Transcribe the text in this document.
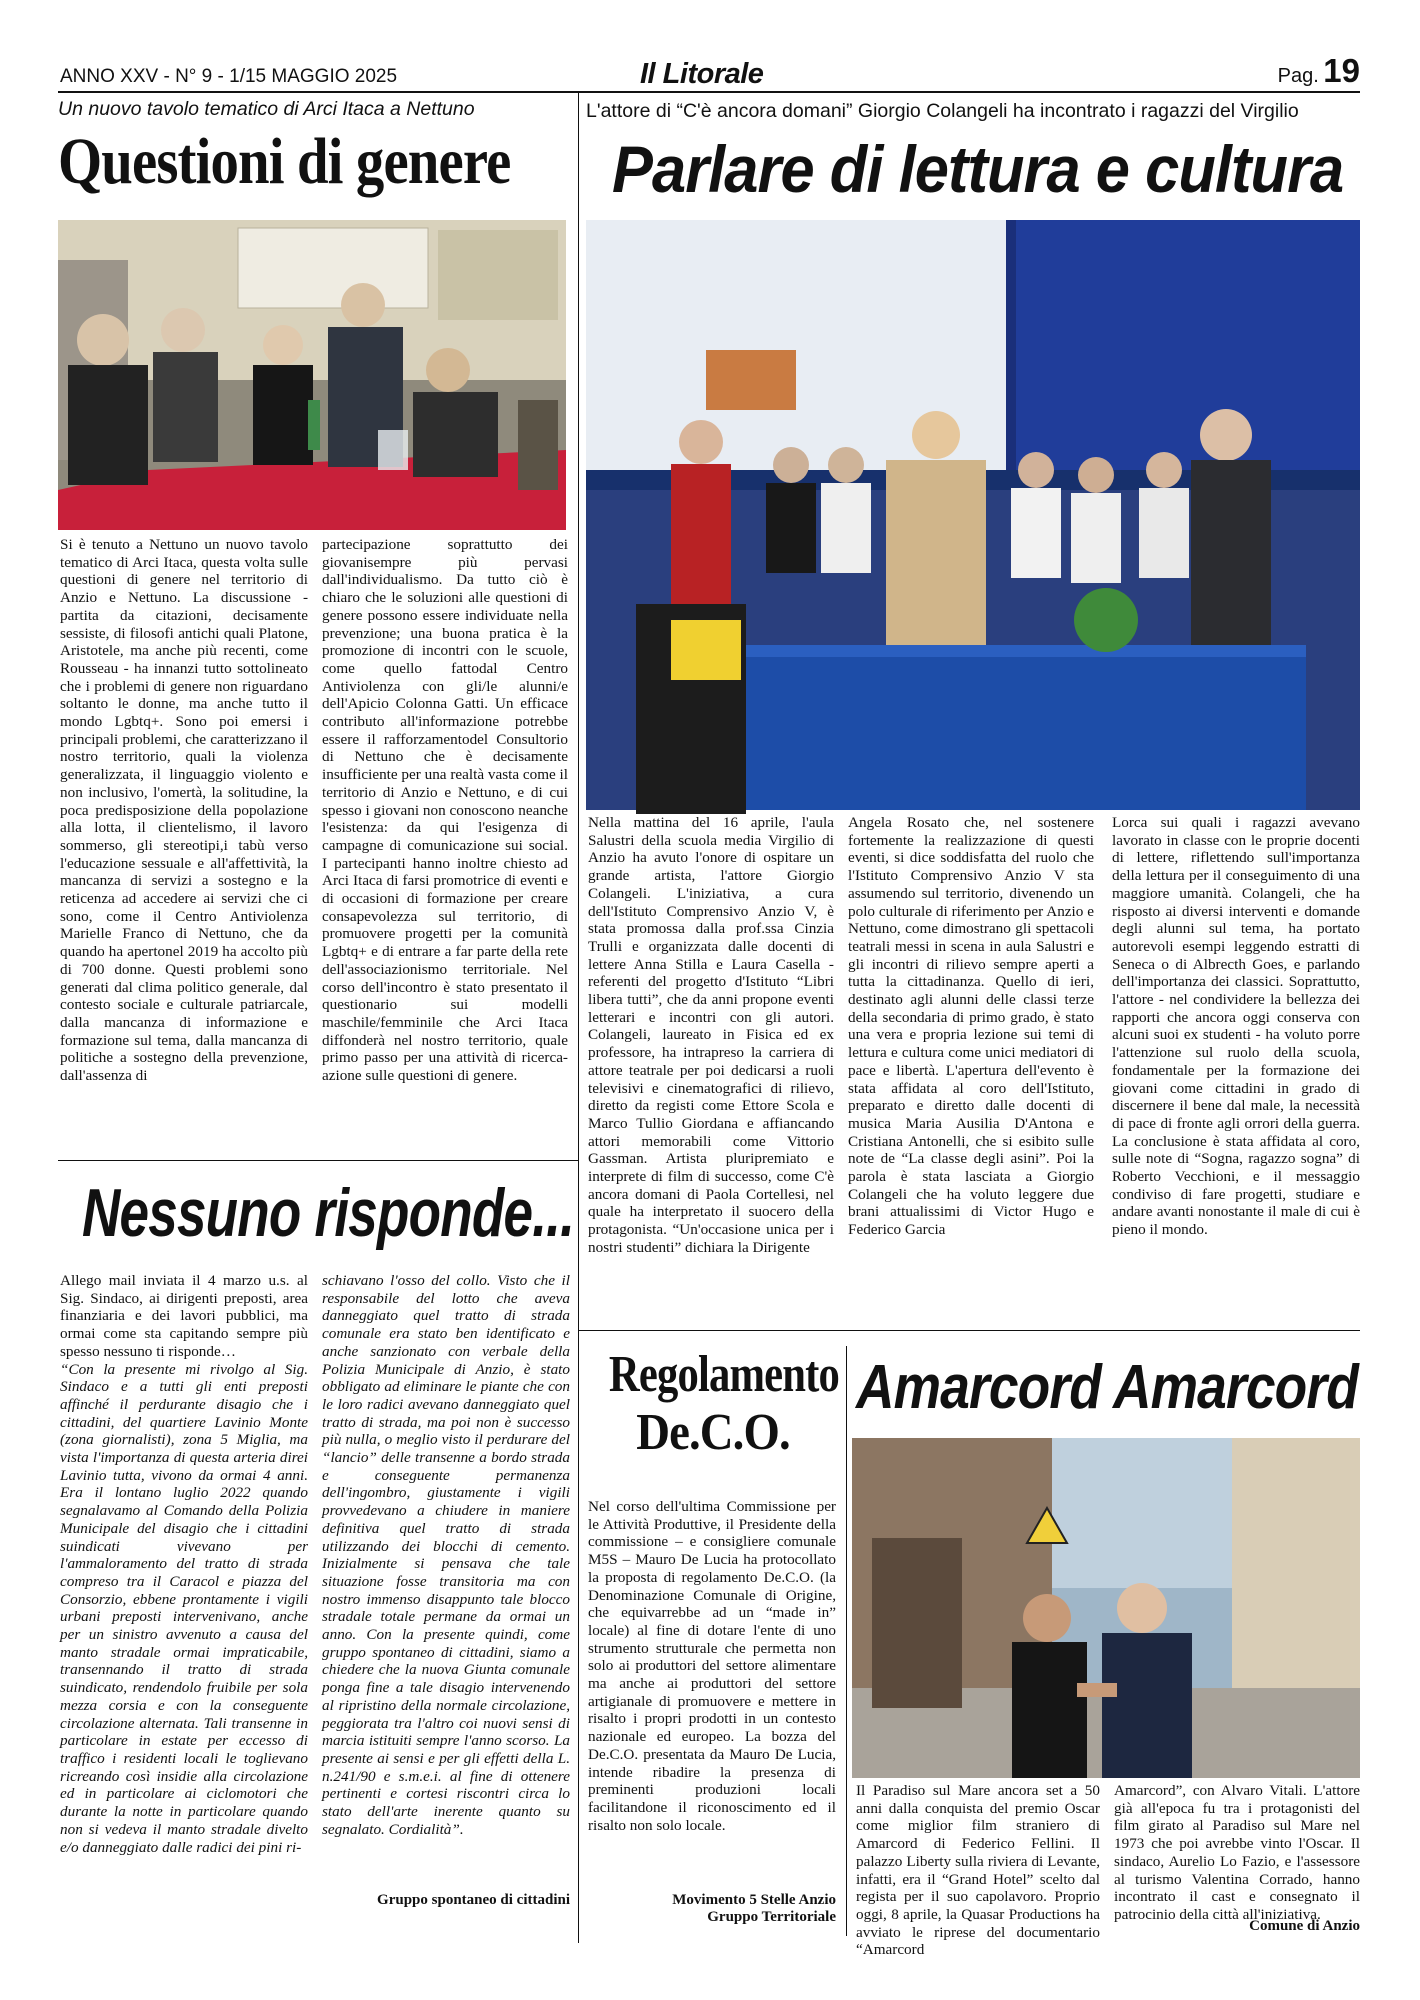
ANNO XXV - N° 9 - 1/15 MAGGIO 2025	Il Litorale	Pag. 19
Un nuovo tavolo tematico di Arci Itaca a Nettuno
Questioni di genere
Si è tenuto a Nettuno un nuovo tavolo tematico di Arci Itaca, questa volta sulle questioni di genere nel territorio di Anzio e Nettuno. La discussione - partita da citazioni, decisamente sessiste, di filosofi antichi quali Platone, Aristotele, ma anche più recenti, come Rousseau - ha innanzi tutto sottolineato che i problemi di genere non riguardano soltanto le donne, ma anche tutto il mondo Lgbtq+. Sono poi emersi i principali problemi, che caratterizzano il nostro territorio, quali la violenza generalizzata, il linguaggio violento e non inclusivo, l'omertà, la solitudine, la poca predisposizione della popolazione alla lotta, il clientelismo, il lavoro sommerso, gli stereotipi,i tabù verso l'educazione sessuale e all'affettività, la mancanza di servizi a sostegno e la reticenza ad accedere ai servizi che ci sono, come il Centro Antiviolenza Marielle Franco di Nettuno, che da quando ha apertonel 2019 ha accolto più di 700 donne. Questi problemi sono generati dal clima politico generale, dal contesto sociale e culturale patriarcale, dalla mancanza di informazione e formazione sul tema, dalla mancanza di politiche a sostegno della prevenzione, dall'assenza di
partecipazione soprattutto dei giovanisempre più pervasi dall'individualismo. Da tutto ciò è chiaro che le soluzioni alle questioni di genere possono essere individuate nella prevenzione; una buona pratica è la promozione di incontri con le scuole, come quello fattodal Centro Antiviolenza con gli/le alunni/e dell'Apicio Colonna Gatti. Un efficace contributo all'informazione potrebbe essere il rafforzamentodel Consultorio di Nettuno che è decisamente insufficiente per una realtà vasta come il territorio di Anzio e Nettuno, e di cui spesso i giovani non conoscono neanche l'esistenza: da qui l'esigenza di campagne di comunicazione sui social. I partecipanti hanno inoltre chiesto ad Arci Itaca di farsi promotrice di eventi e di occasioni di formazione per creare consapevolezza sul territorio, di promuovere progetti per la comunità Lgbtq+ e di entrare a far parte della rete dell'associazionismo territoriale. Nel corso dell'incontro è stato presentato il questionario sui modelli maschile/femminile che Arci Itaca diffonderà nel nostro territorio, quale primo passo per una attività di ricerca-azione sulle questioni di genere.
Nessuno risponde...

Allego mail inviata il 4 marzo u.s. al Sig. Sindaco, ai dirigenti preposti, area finanziaria e dei lavori pubblici, ma ormai come sta capitando sempre più spesso nessuno ti risponde…

“Con la presente mi rivolgo al Sig. Sindaco e a tutti gli enti preposti affinché il perdurante disagio che i cittadini, del quartiere Lavinio Monte (zona giornalisti), zona 5 Miglia, ma vista l'importanza di questa arteria direi Lavinio tutta, vivono da ormai 4 anni. Era il lontano luglio 2022 quando segnalavamo al Comando della Polizia Municipale del disagio che i cittadini suindicati vivevano per l'ammaloramento del tratto di strada compreso tra il Caracol e piazza del Consorzio, ebbene prontamente i vigili urbani preposti intervenivano, anche per un sinistro avvenuto a causa del manto stradale ormai impraticabile, transennando il tratto di strada suindicato, rendendolo fruibile per sola mezza corsia e con la conseguente circolazione alternata. Tali transenne in particolare in estate per eccesso di traffico i residenti locali le toglievano ricreando così insidie alla circolazione ed in particolare ai ciclomotori che durante la notte in particolare quando non si vedeva il manto stradale divelto e/o danneggiato dalle radici dei pini ri-

schiavano l'osso del collo. Visto che il responsabile del lotto che aveva danneggiato quel tratto di strada comunale era stato ben identificato e anche sanzionato con verbale della Polizia Municipale di Anzio, è stato obbligato ad eliminare le piante che con le loro radici avevano danneggiato quel tratto di strada, ma poi non è successo più nulla, o meglio visto il perdurare del “lancio” delle transenne a bordo strada e conseguente permanenza dell'ingombro, giustamente i vigili provvedevano a chiudere in maniere definitiva quel tratto di strada utilizzando dei blocchi di cemento. Inizialmente si pensava che tale situazione fosse transitoria ma con nostro immenso disappunto tale blocco stradale totale permane da ormai un anno. Con la presente quindi, come gruppo spontaneo di cittadini, siamo a chiedere che la nuova Giunta comunale ponga fine a tale disagio intervenendo al ripristino della normale circolazione, peggiorata tra l'altro coi nuovi sensi di marcia istituiti sempre l'anno scorso. La presente ai sensi e per gli effetti della L. n.241/90 e s.m.e.i. al fine di ottenere pertinenti e cortesi riscontri circa lo stato dell'arte inerente quanto su segnalato. Cordialità”.

Gruppo spontaneo di cittadini
L'attore di “C'è ancora domani” Giorgio Colangeli ha incontrato i ragazzi del Virgilio
Parlare di lettura e cultura
Nella mattina del 16 aprile, l'aula Salustri della scuola media Virgilio di Anzio ha avuto l'onore di ospitare un grande artista, l'attore Giorgio Colangeli. L'iniziativa, a cura dell'Istituto Comprensivo Anzio V, è stata promossa dalla prof.ssa Cinzia Trulli e organizzata dalle docenti di lettere Anna Stilla e Laura Casella - referenti del progetto d'Istituto “Libri libera tutti”, che da anni propone eventi letterari e incontri con gli autori. Colangeli, laureato in Fisica ed ex professore, ha intrapreso la carriera di attore teatrale per poi dedicarsi a ruoli televisivi e cinematografici di rilievo, diretto da registi come Ettore Scola e Marco Tullio Giordana e affiancando attori memorabili come Vittorio Gassman. Artista pluripremiato e interprete di film di successo, come C'è ancora domani di Paola Cortellesi, nel quale ha interpretato il suocero della protagonista. “Un'occasione unica per i nostri studenti” dichiara la Dirigente
Angela Rosato che, nel sostenere fortemente la realizzazione di questi eventi, si dice soddisfatta del ruolo che l'Istituto Comprensivo Anzio V sta assumendo sul territorio, divenendo un polo culturale di riferimento per Anzio e Nettuno, come dimostrano gli spettacoli teatrali messi in scena in aula Salustri e gli incontri di rilievo sempre aperti a tutta la cittadinanza. Quello di ieri, destinato agli alunni delle classi terze della secondaria di primo grado, è stato una vera e propria lezione sui temi di lettura e cultura come unici mediatori di pace e libertà. L'apertura dell'evento è stata affidata al coro dell'Istituto, preparato e diretto dalle docenti di musica Maria Ausilia D'Antona e Cristiana Antonelli, che si esibito sulle note de “La classe degli asini”. Poi la parola è stata lasciata a Giorgio Colangeli che ha voluto leggere due brani attualissimi di Victor Hugo e Federico Garcia
Lorca sui quali i ragazzi avevano lavorato in classe con le proprie docenti di lettere, riflettendo sull'importanza della lettura per il conseguimento di una maggiore umanità. Colangeli, che ha risposto ai diversi interventi e domande degli alunni sul tema, ha portato autorevoli esempi leggendo estratti di Seneca o di Albrecth Goes, e parlando dell'importanza dei classici. Soprattutto, l'attore - nel condividere la bellezza dei rapporti che ancora oggi conserva con alcuni suoi ex studenti - ha voluto porre l'attenzione sul ruolo della scuola, fondamentale per la formazione dei giovani come cittadini in grado di discernere il bene dal male, la necessità di pace di fronte agli orrori della guerra. La conclusione è stata affidata al coro, sulle note di “Sogna, ragazzo sogna” di Roberto Vecchioni, e il messaggio condiviso di fare progetti, studiare e andare avanti nonostante il male di cui è pieno il mondo.
Regolamento
De.C.O.
Nel corso dell'ultima Commissione per le Attività Produttive, il Presidente della commissione – e consigliere comunale M5S – Mauro De Lucia ha protocollato la proposta di regolamento De.C.O. (la Denominazione Comunale di Origine, che equivarrebbe ad un “made in” locale) al fine di dotare l'ente di uno strumento strutturale che permetta non solo ai produttori del settore alimentare ma anche ai produttori del settore artigianale di promuovere e mettere in risalto i propri prodotti in un contesto nazionale ed europeo. La bozza del De.C.O. presentata da Mauro De Lucia, intende ribadire la presenza di preminenti produzioni locali facilitandone il riconoscimento ed il risalto non solo locale.
Movimento 5 Stelle Anzio
Gruppo Territoriale
Amarcord Amarcord
Il Paradiso sul Mare ancora set a 50 anni dalla conquista del premio Oscar come miglior film straniero di Amarcord di Federico Fellini. Il palazzo Liberty sulla riviera di Levante, infatti, era il “Grand Hotel” scelto dal regista per il suo capolavoro. Proprio oggi, 8 aprile, la Quasar Productions ha avviato le riprese del documentario “Amarcord

Amarcord”, con Alvaro Vitali. L'attore già all'epoca fu tra i protagonisti del film girato al Paradiso sul Mare nel 1973 che poi avrebbe vinto l'Oscar. Il sindaco, Aurelio Lo Fazio, e l'assessore al turismo Valentina Corrado, hanno incontrato il cast e consegnato il patrocinio della città all'iniziativa.

Comune di Anzio
